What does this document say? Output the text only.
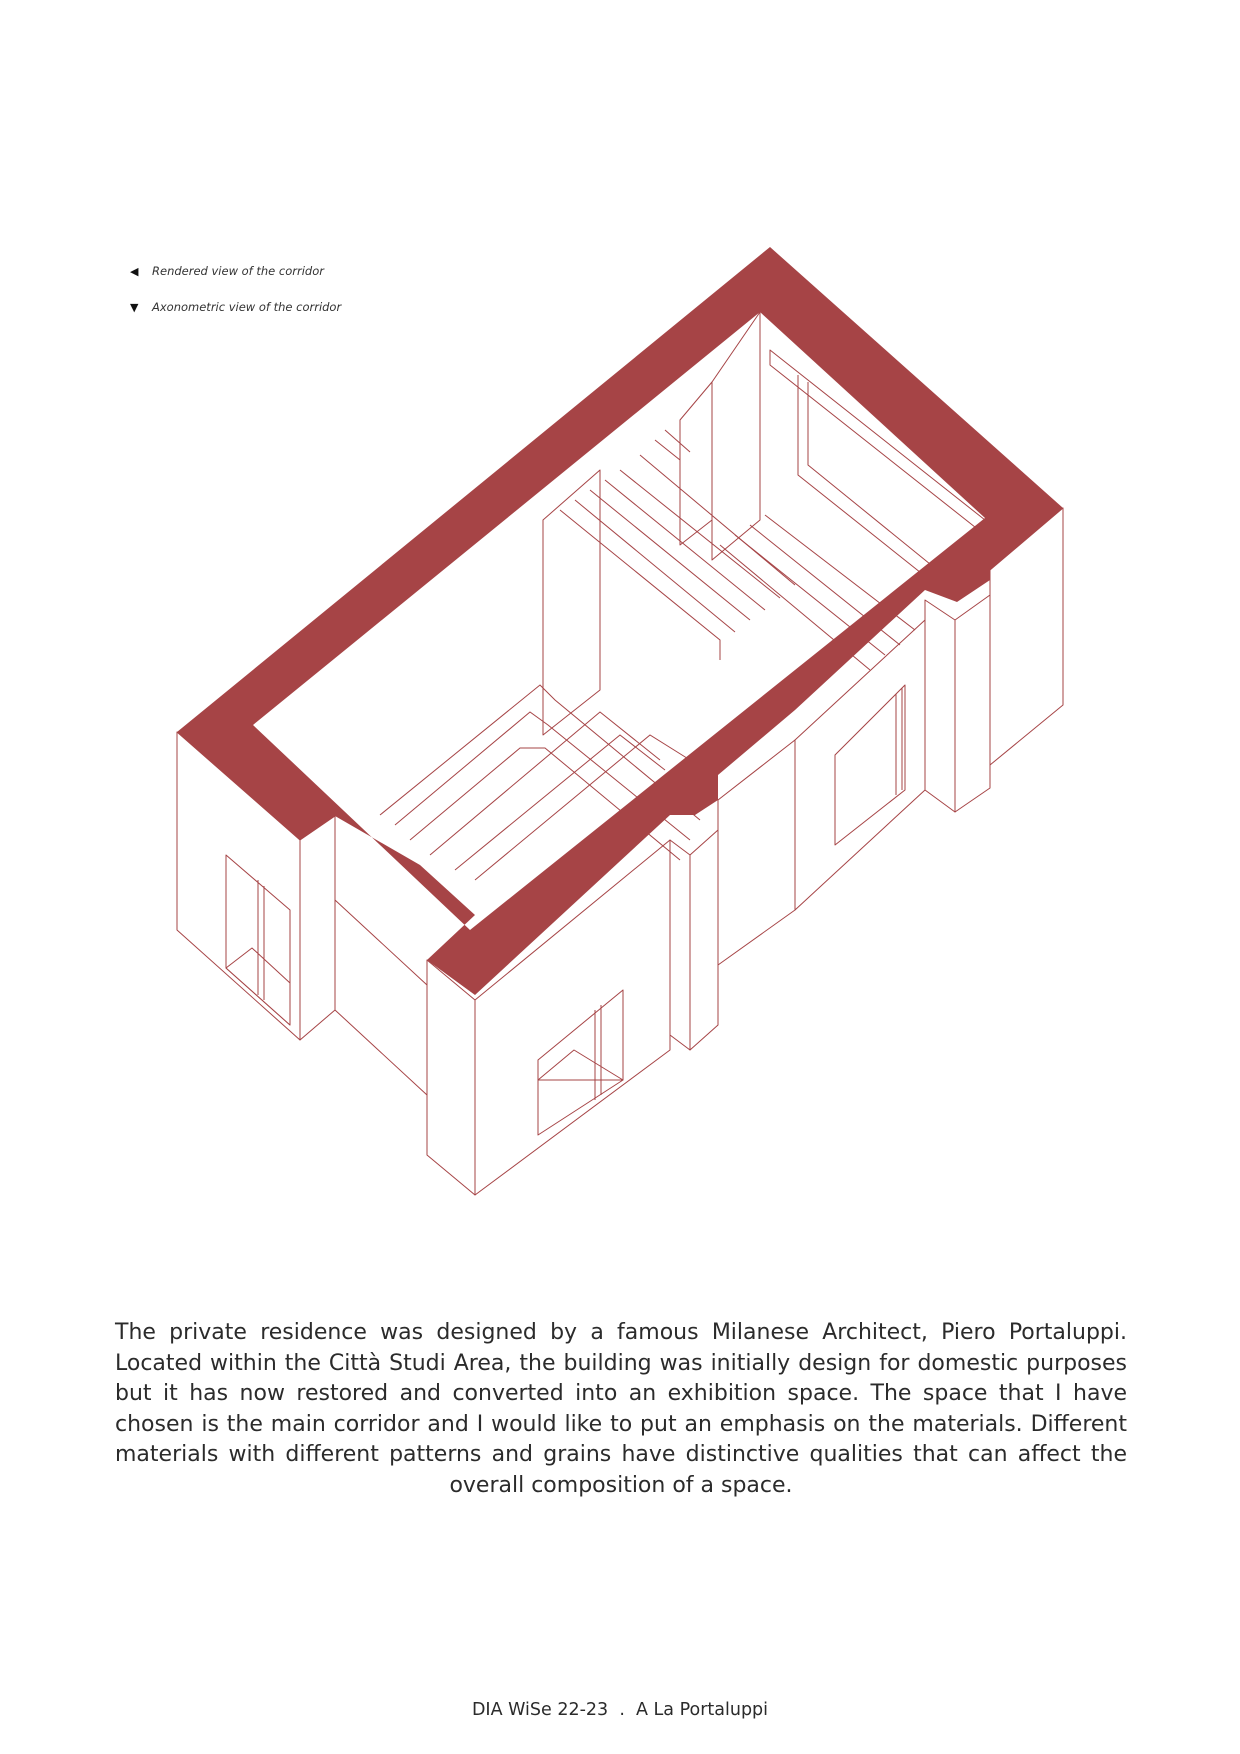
◀	Rendered view of the corridor
▼	Axonometric view of the corridor

The private residence was designed by a famous Milanese Architect, Piero Portaluppi. Located within the Città Studi Area, the building was initially design for domestic purposes but it has now restored and converted into an exhibition space. The space that I have chosen is the main corridor and I would like to put an emphasis on the materials. Different materials with different patterns and grains have distinctive qualities that can affect the overall composition of a space.

DIA WiSe 22-23  .  A La Portaluppi
